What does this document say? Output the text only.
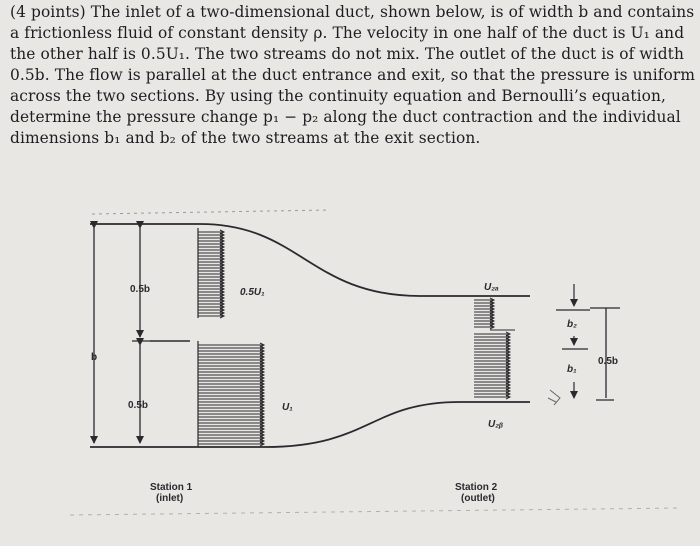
(4 points) The inlet of a two-dimensional duct, shown below, is of width b and contains

a frictionless fluid of constant density ρ. The velocity in one half of the duct is U₁ and

the other half is 0.5U₁. The two streams do not mix. The outlet of the duct is of width

0.5b. The flow is parallel at the duct entrance and exit, so that the pressure is uniform

across the two sections. By using the continuity equation and Bernoulli’s equation,

determine the pressure change p₁ − p₂ along the duct contraction and the individual

dimensions b₁ and b₂ of the two streams at the exit section.

b
0.5b
0.5b
0.5U₁
U₁
U₂ₐ
U₂ᵦ
b₂
b₁
0.5b
Station 1
(inlet)
Station 2
(outlet)
